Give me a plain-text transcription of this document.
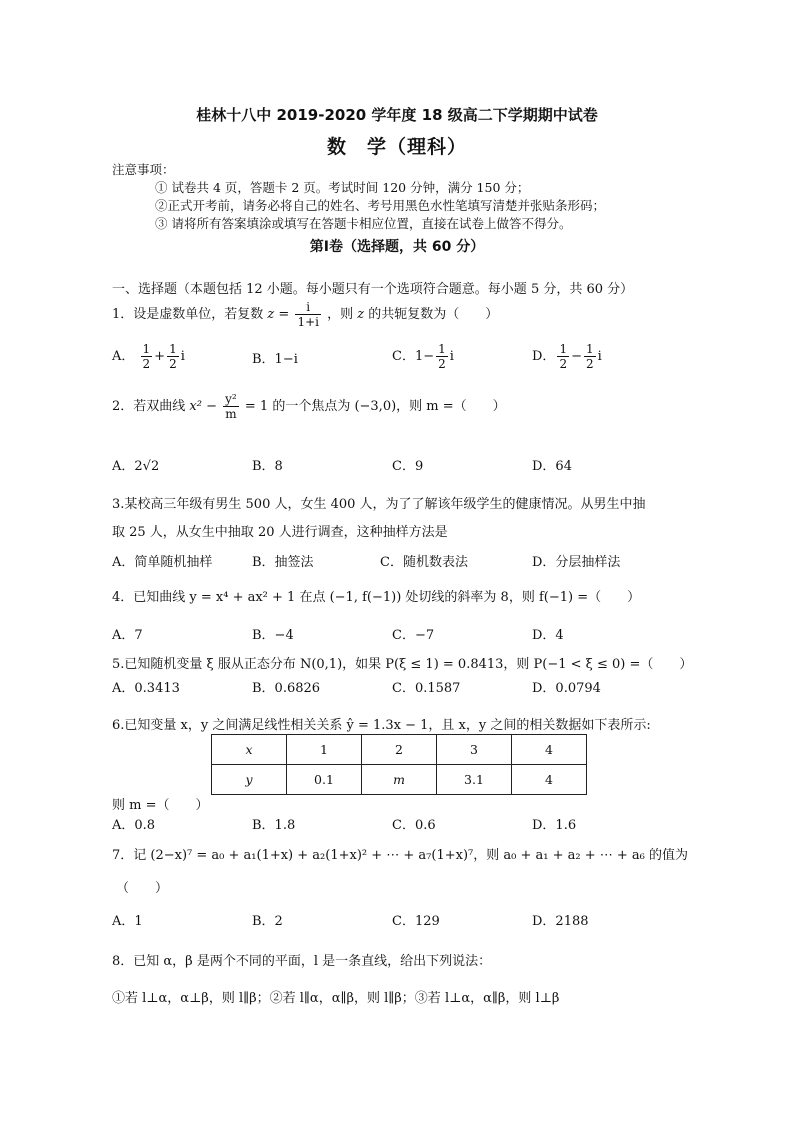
桂林十八中 2019-2020 学年度 18 级高二下学期期中试卷
数　学（理科）
注意事项：
① 试卷共 4 页，答题卡 2 页。考试时间 120 分钟，满分 150 分；
②正式开考前，请务必将自己的姓名、考号用黑色水性笔填写清楚并张贴条形码；
③ 请将所有答案填涂或填写在答题卡相应位置，直接在试卷上做答不得分。
第Ⅰ卷（选择题，共 60 分）
一、选择题（本题包括 12 小题。每小题只有一个选项符合题意。每小题 5 分，共 60 分）
1．设是虚数单位，若复数 $z = \frac{i}{1+i}$ ，则 z 的共轭复数为（　　）
A． $\frac{1}{2} + \frac{1}{2}$ i	B．1−i	C．$1- \frac{1}{2}$ i	D． $\frac{1}{2} - \frac{1}{2}$ i
2．若双曲线 $x^2 - \frac{\text{y²}}{m} = 1$ 的一个焦点为 (−3,0)，则 m =（　　）
A．2√2	B．8	C．9	D．64
3.某校高三年级有男生 500 人，女生 400 人，为了了解该年级学生的健康情况。从男生中抽
取 25 人，从女生中抽取 20 人进行调查，这种抽样方法是
A．简单随机抽样	B．抽签法	C．随机数表法	D．分层抽样法
4．已知曲线 y = x⁴ + ax² + 1 在点 (−1, f(−1)) 处切线的斜率为 8，则 f(−1) =（　　）
A．7	B．−4	C．−7	D．4
5.已知随机变量 ξ 服从正态分布 N(0,1)，如果 P(ξ ≤ 1) = 0.8413，则 P(−1 < ξ ≤ 0) =（　　）
A．0.3413	B．0.6826	C．0.1587	D．0.0794
6.已知变量 x，y 之间满足线性相关关系 ŷ = 1.3x − 1，且 x，y 之间的相关数据如下表所示:
x	1	2	3	4
y	0.1	m	3.1	4
则 m =（　　）
A．0.8	B．1.8	C．0.6	D．1.6
7．记 (2−x)⁷ = a₀ + a₁(1+x) + a₂(1+x)² + ⋯ + a₇(1+x)⁷，则 a₀ + a₁ + a₂ + ⋯ + a₆ 的值为
（　　）
A．1	B．2	C．129	D．2188
8．已知 α，β 是两个不同的平面，l 是一条直线，给出下列说法：
①若 l⊥α，α⊥β，则 l∥β；②若 l∥α，α∥β，则 l∥β；③若 l⊥α，α∥β，则 l⊥β
